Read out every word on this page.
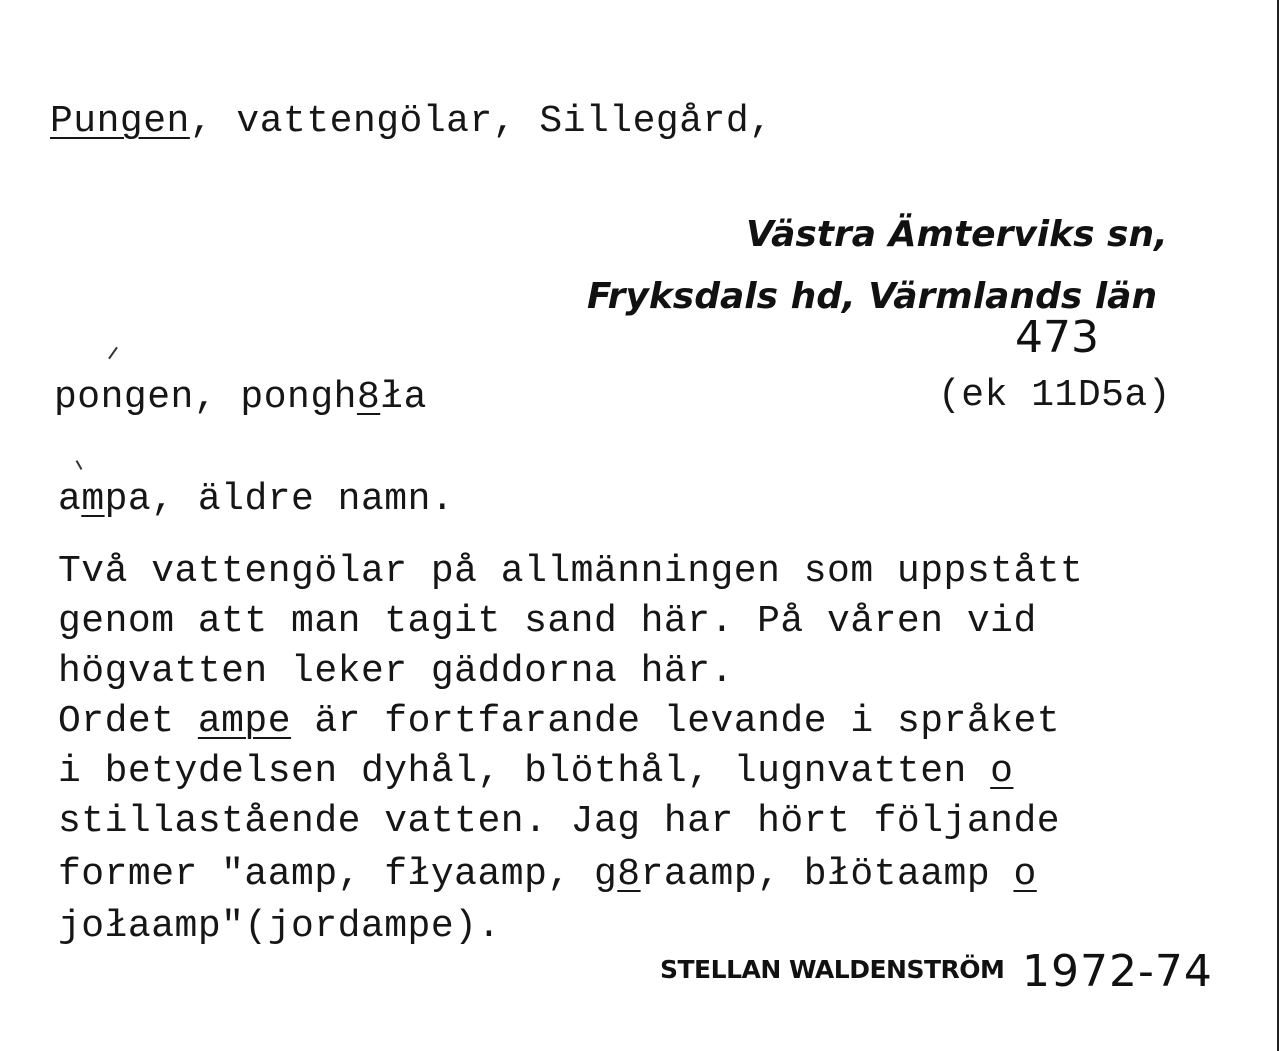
Pungen, vattengölar, Sillegård,
Västra Ämterviks sn,
Fryksdals hd, Värmlands län
473
pongen, pongh8ła	(ek 11D5a)
ampa, äldre namn.
Två vattengölar på allmänningen som uppstått
genom att man tagit sand här. På våren vid
högvatten leker gäddorna här.
Ordet ampe är fortfarande levande i språket
i betydelsen dyhål, blöthål, lugnvatten o
stillastående vatten. Jag har hört följande
former "aamp, fłyaamp, g8raamp, błötaamp o
jołaamp"(jordampe).
STELLAN WALDENSTRÖM 1972-74
